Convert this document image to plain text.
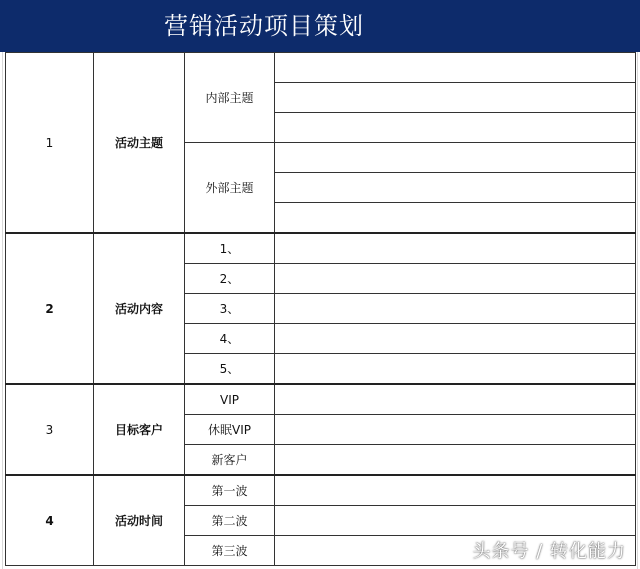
营销活动项目策划
1	活动主题	内部主题	

		外部主题	

2	活动内容	1、	
		2、	
		3、	
		4、	
		5、	
3	目标客户	VIP	
		休眠VIP	
		新客户	
4	活动时间	第一波	
		第二波	
		第三波		头条号 / 转化能力
